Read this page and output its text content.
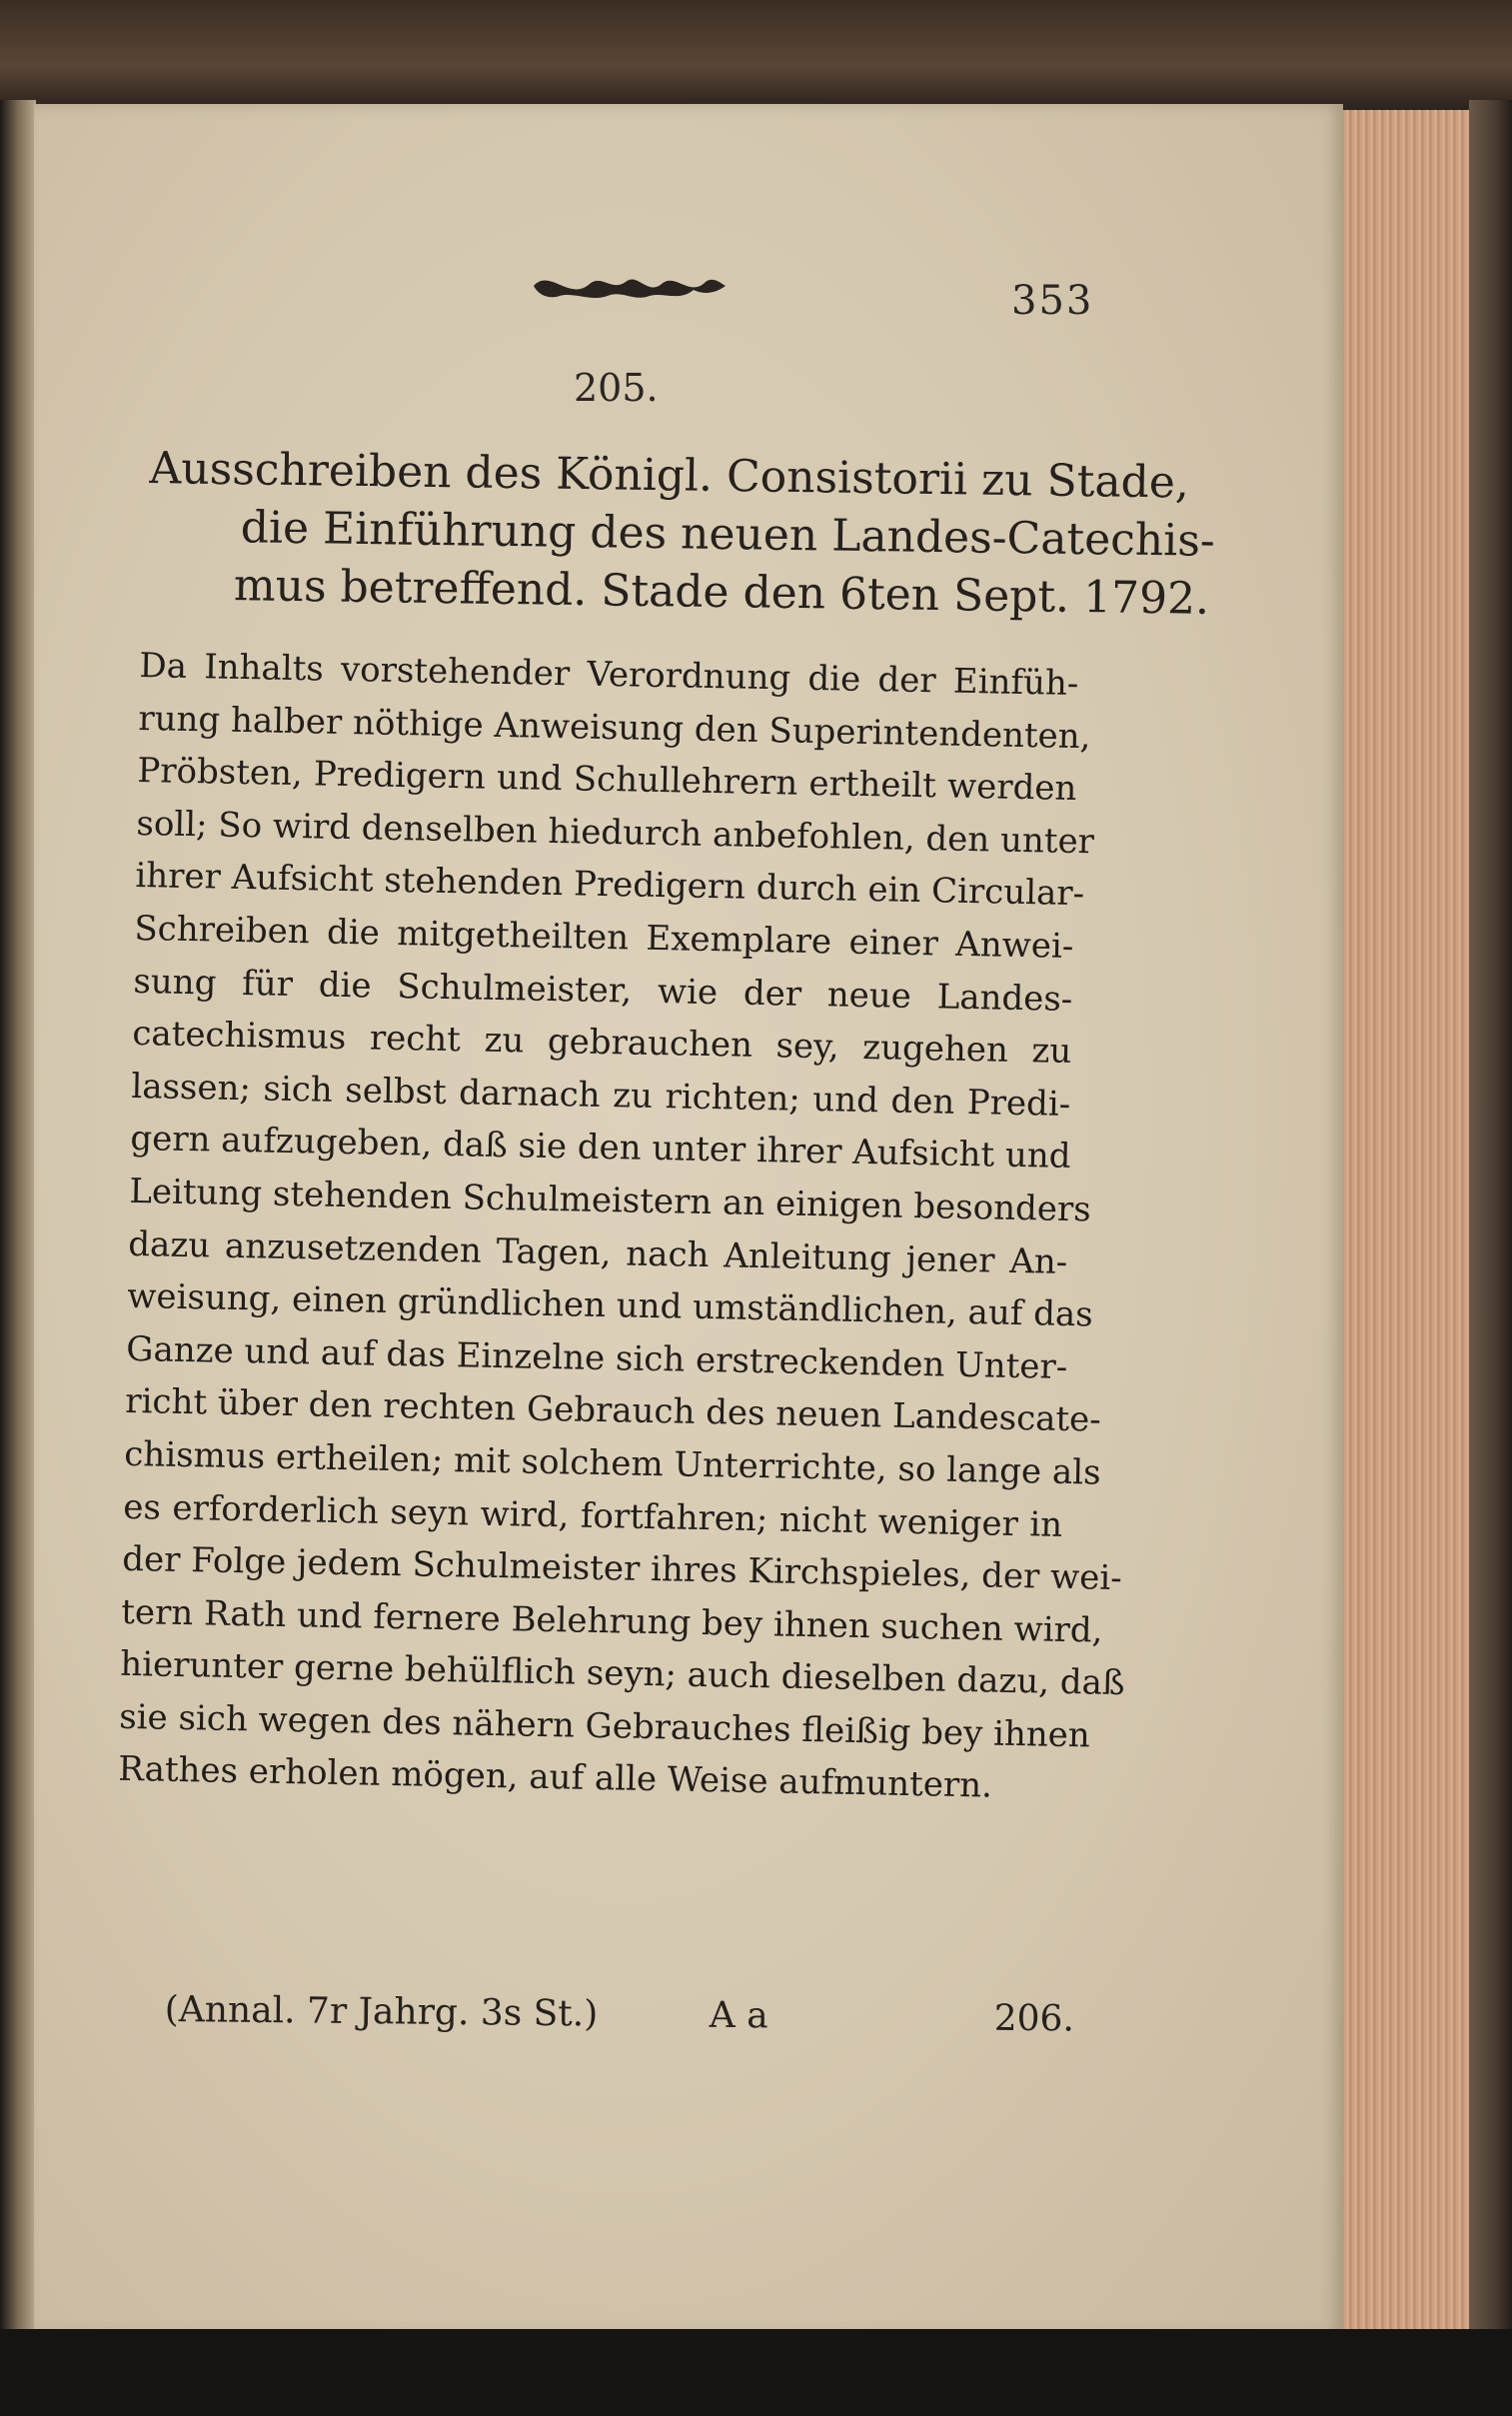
353
205.
Ausschreiben des Königl. Consistorii zu Stade,
die Einführung des neuen Landes-Catechis-
mus betreffend. Stade den 6ten Sept. 1792.
Da Inhalts vorstehender Verordnung die der Einfüh-
rung halber nöthige Anweisung den Superintendenten,
Pröbsten, Predigern und Schullehrern ertheilt werden
soll; So wird denselben hiedurch anbefohlen, den unter
ihrer Aufsicht stehenden Predigern durch ein Circular-
Schreiben die mitgetheilten Exemplare einer Anwei-
sung für die Schulmeister, wie der neue Landes-
catechismus recht zu gebrauchen sey, zugehen zu
lassen; sich selbst darnach zu richten; und den Predi-
gern aufzugeben, daß sie den unter ihrer Aufsicht und
Leitung stehenden Schulmeistern an einigen besonders
dazu anzusetzenden Tagen, nach Anleitung jener An-
weisung, einen gründlichen und umständlichen, auf das
Ganze und auf das Einzelne sich erstreckenden Unter-
richt über den rechten Gebrauch des neuen Landescate-
chismus ertheilen; mit solchem Unterrichte, so lange als
es erforderlich seyn wird, fortfahren; nicht weniger in
der Folge jedem Schulmeister ihres Kirchspieles, der wei-
tern Rath und fernere Belehrung bey ihnen suchen wird,
hierunter gerne behülflich seyn; auch dieselben dazu, daß
sie sich wegen des nähern Gebrauches fleißig bey ihnen
Rathes erholen mögen, auf alle Weise aufmuntern.
(Annal. 7r Jahrg. 3s St.)	A a	206.
